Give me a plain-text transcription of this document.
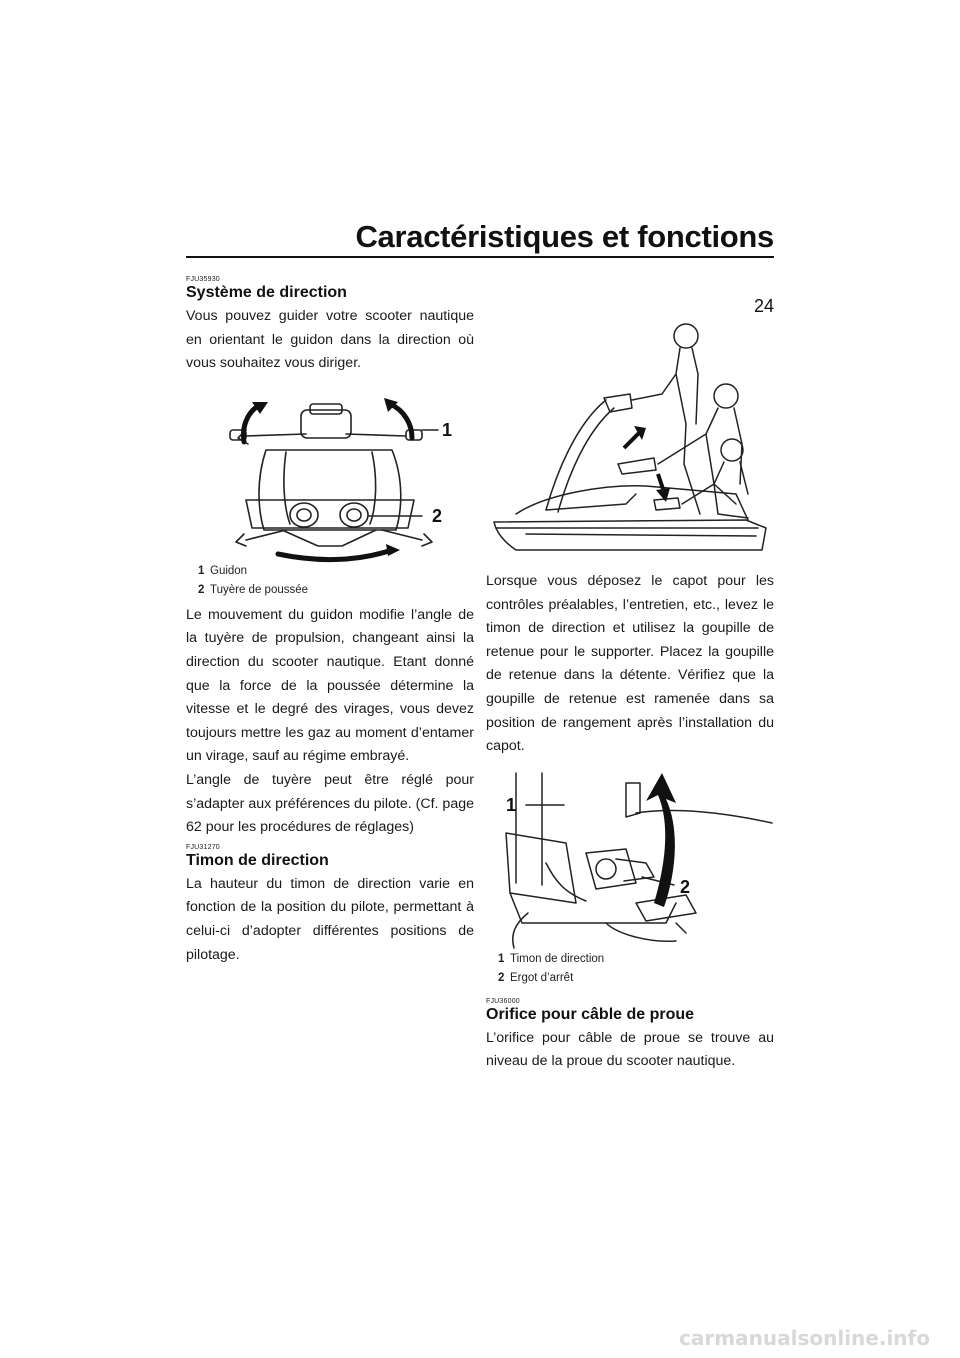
Caractéristiques et fonctions
24
FJU35930
Système de direction

Vous pouvez guider votre scooter nautique en orientant le guidon dans la direction où vous souhaitez vous diriger.

1
2
1 Guidon
2 Tuyère de poussée

Le mouvement du guidon modifie l’angle de la tuyère de propulsion, changeant ainsi la direction du scooter nautique. Etant donné que la force de la poussée détermine la vitesse et le degré des virages, vous devez toujours mettre les gaz au moment d’entamer un virage, sauf au régime embrayé.

L’angle de tuyère peut être réglé pour s’adapter aux préférences du pilote. (Cf. page 62 pour les procédures de réglages)

FJU31270
Timon de direction

La hauteur du timon de direction varie en fonction de la position du pilote, permettant à celui-ci d’adopter différentes positions de pilotage.

Lorsque vous déposez le capot pour les contrôles préalables, l’entretien, etc., levez le timon de direction et utilisez la goupille de retenue pour le supporter. Placez la goupille de retenue dans la détente. Vérifiez que la goupille de retenue est ramenée dans sa position de rangement après l’installation du capot.

1
2
1 Timon de direction
2 Ergot d’arrêt
FJU36000
Orifice pour câble de proue

L’orifice pour câble de proue se trouve au niveau de la proue du scooter nautique.

carmanualsonline.info
